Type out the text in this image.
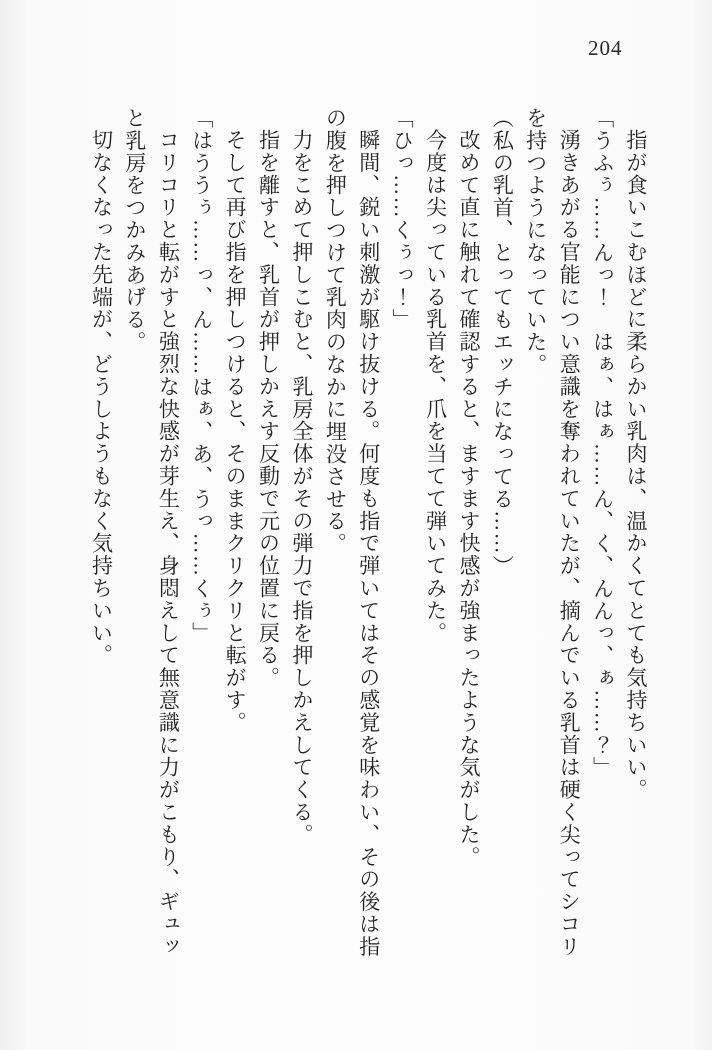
204
指が食いこむほどに柔らかい乳肉は、温かくてとても気持ちいい。
「うふぅ……んっ！　はぁ、はぁ……ん、く、んんっ、ぁ……？」
湧きあがる官能につい意識を奪われていたが、摘んでいる乳首は硬く尖ってシコリ
を持つようになっていた。
（私の乳首、とってもエッチになってる……）
改めて直に触れて確認すると、ますます快感が強まったような気がした。
今度は尖っている乳首を、爪を当てて弾いてみた。
「ひっ……くぅっ！」
瞬間、鋭い刺激が駆け抜ける。何度も指で弾いてはその感覚を味わい、その後は指
の腹を押しつけて乳肉のなかに埋没させる。
力をこめて押しこむと、乳房全体がその弾力で指を押しかえしてくる。
指を離すと、乳首が押しかえす反動で元の位置に戻る。
そして再び指を押しつけると、そのままクリクリと転がす。
「はううぅ……っ、ん……はぁ、あ、うっ……くぅ」
コリコリと転がすと強烈な快感が芽生え、身悶えして無意識に力がこもり、ギュッ
と乳房をつかみあげる。
切なくなった先端が、どうしようもなく気持ちいい。
